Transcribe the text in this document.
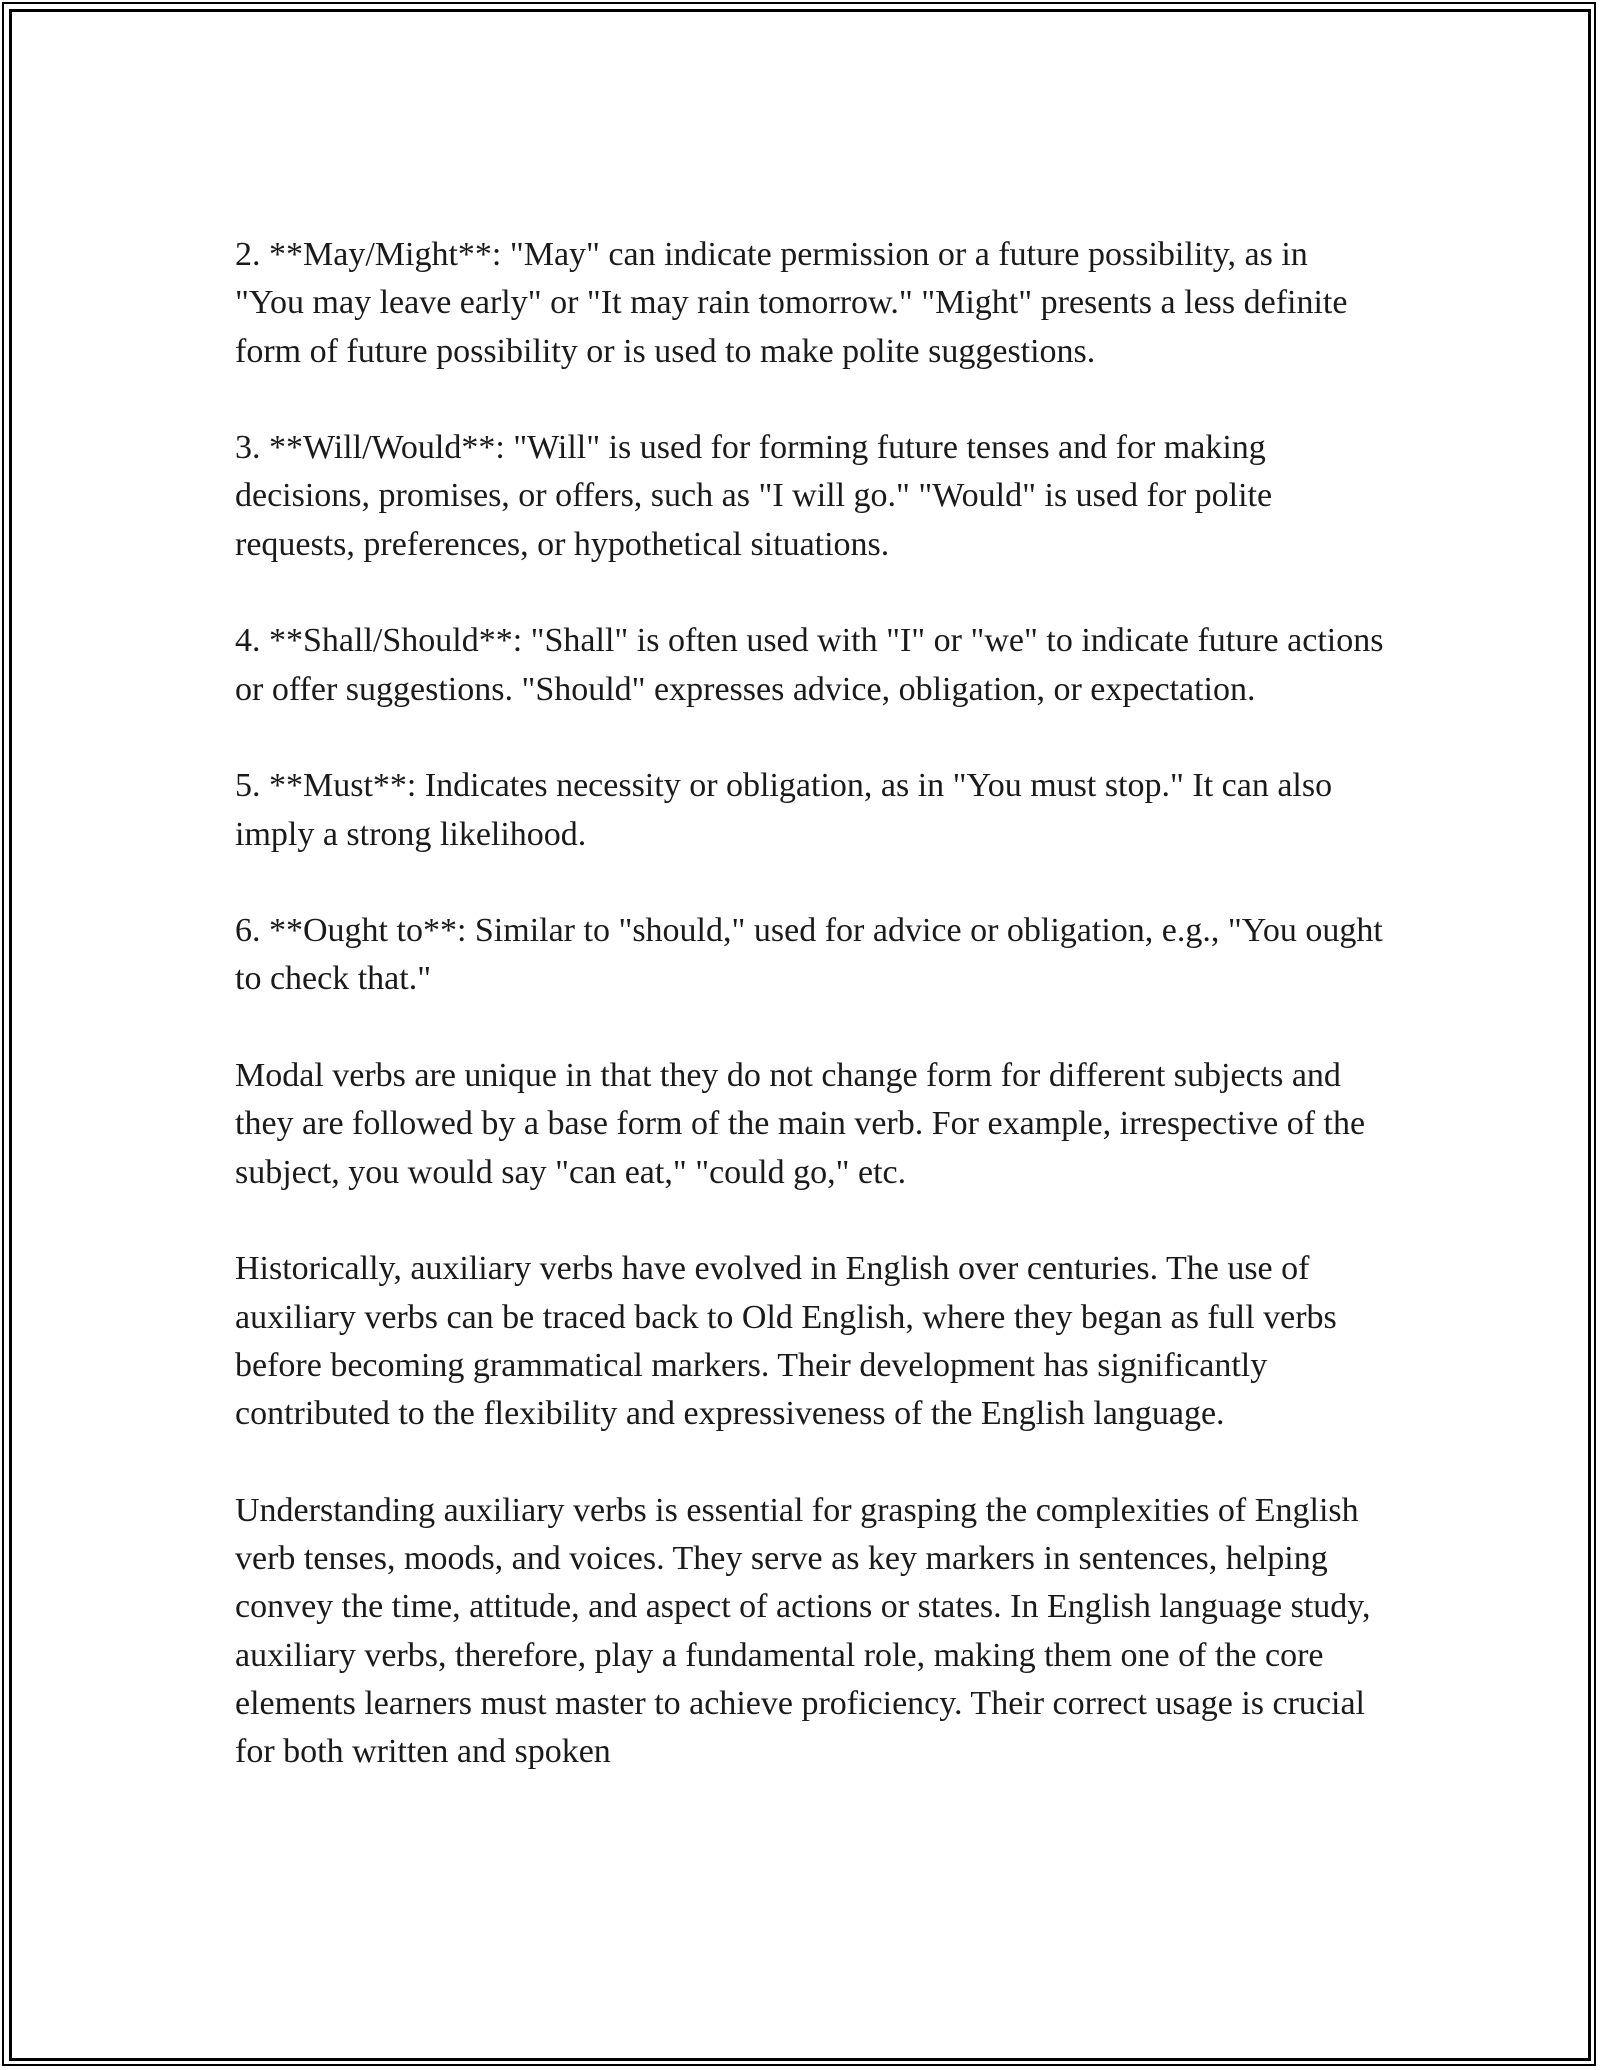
2. **May/Might**: "May" can indicate permission or a future possibility, as in "You may leave early" or "It may rain tomorrow." "Might" presents a less definite form of future possibility or is used to make polite suggestions.

3. **Will/Would**: "Will" is used for forming future tenses and for making decisions, promises, or offers, such as "I will go." "Would" is used for polite requests, preferences, or hypothetical situations.

4. **Shall/Should**: "Shall" is often used with "I" or "we" to indicate future actions or offer suggestions. "Should" expresses advice, obligation, or expectation.

5. **Must**: Indicates necessity or obligation, as in "You must stop." It can also imply a strong likelihood.

6. **Ought to**: Similar to "should," used for advice or obligation, e.g., "You ought to check that."

Modal verbs are unique in that they do not change form for different subjects and they are followed by a base form of the main verb. For example, irrespective of the subject, you would say "can eat," "could go," etc.

Historically, auxiliary verbs have evolved in English over centuries. The use of auxiliary verbs can be traced back to Old English, where they began as full verbs before becoming grammatical markers. Their development has significantly contributed to the flexibility and expressiveness of the English language.

Understanding auxiliary verbs is essential for grasping the complexities of English verb tenses, moods, and voices. They serve as key markers in sentences, helping convey the time, attitude, and aspect of actions or states. In English language study, auxiliary verbs, therefore, play a fundamental role, making them one of the core elements learners must master to achieve proficiency. Their correct usage is crucial for both written and spoken
